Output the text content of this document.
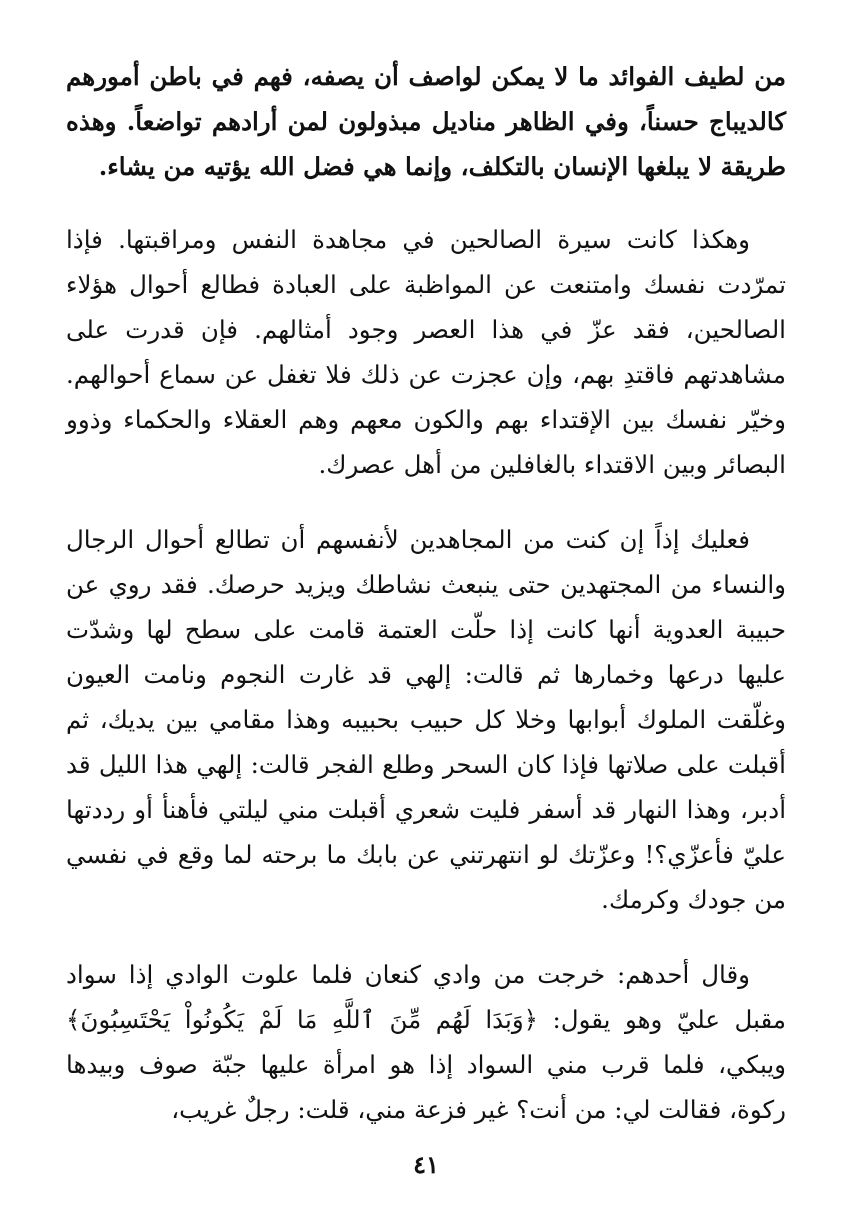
من لطيف الفوائد ما لا يمكن لواصف أن يصفه، فهم في باطن أمورهم كالديباج حسناً، وفي الظاهر مناديل مبذولون لمن أرادهم تواضعاً. وهذه طريقة لا يبلغها الإنسان بالتكلف، وإنما هي فضل الله يؤتيه من يشاء.

وهكذا كانت سيرة الصالحين في مجاهدة النفس ومراقبتها. فإذا تمرّدت نفسك وامتنعت عن المواظبة على العبادة فطالع أحوال هؤلاء الصالحين، فقد عزّ في هذا العصر وجود أمثالهم. فإن قدرت على مشاهدتهم فاقتدِ بهم، وإن عجزت عن ذلك فلا تغفل عن سماع أحوالهم. وخيّر نفسك بين الإقتداء بهم والكون معهم وهم العقلاء والحكماء وذوو البصائر وبين الاقتداء بالغافلين من أهل عصرك.

فعليك إذاً إن كنت من المجاهدين لأنفسهم أن تطالع أحوال الرجال والنساء من المجتهدين حتى ينبعث نشاطك ويزيد حرصك. فقد روي عن حبيبة العدوية أنها كانت إذا حلّت العتمة قامت على سطح لها وشدّت عليها درعها وخمارها ثم قالت: إلهي قد غارت النجوم ونامت العيون وغلّقت الملوك أبوابها وخلا كل حبيب بحبيبه وهذا مقامي بين يديك، ثم أقبلت على صلاتها فإذا كان السحر وطلع الفجر قالت: إلهي هذا الليل قد أدبر، وهذا النهار قد أسفر فليت شعري أقبلت مني ليلتي فأهنأ أو رددتها عليّ فأعزّي؟! وعزّتك لو انتهرتني عن بابك ما برحته لما وقع في نفسي من جودك وكرمك.

وقال أحدهم: خرجت من وادي كنعان فلما علوت الوادي إذا سواد مقبل عليّ وهو يقول: ﴿وَبَدَا لَهُم مِّنَ ٱللَّهِ مَا لَمْ يَكُونُواْ يَحْتَسِبُونَ﴾ ويبكي، فلما قرب مني السواد إذا هو امرأة عليها جبّة صوف وبيدها ركوة، فقالت لي: من أنت؟ غير فزعة مني، قلت: رجلٌ غريب،

٤١
